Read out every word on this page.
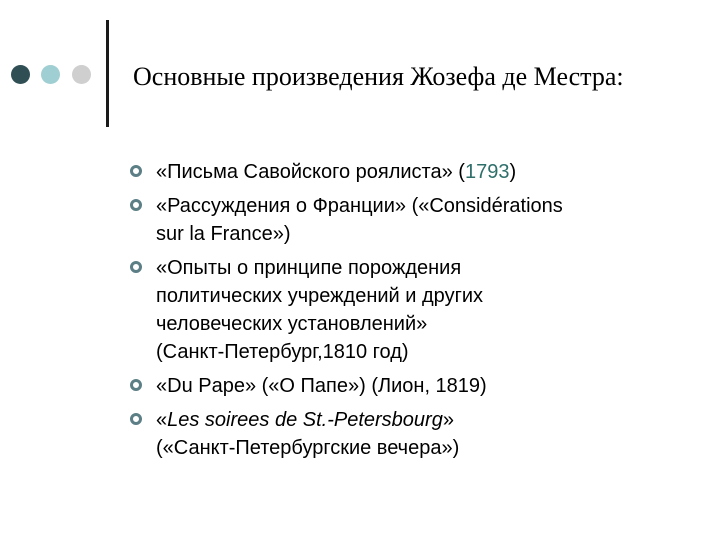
Основные произведения Жозефа де Местра:
«Письма Савойского роялиста» (1793)
«Рассуждения о Франции» («Considérations
sur la France»)
«Опыты о принципе порождения
политических учреждений и других
человеческих установлений»
(Санкт-Петербург,1810 год)
«Du Pape» («О Папе») (Лион, 1819)
«Les soirees de St.-Petersbourg»
(«Санкт-Петербургские вечера»)
